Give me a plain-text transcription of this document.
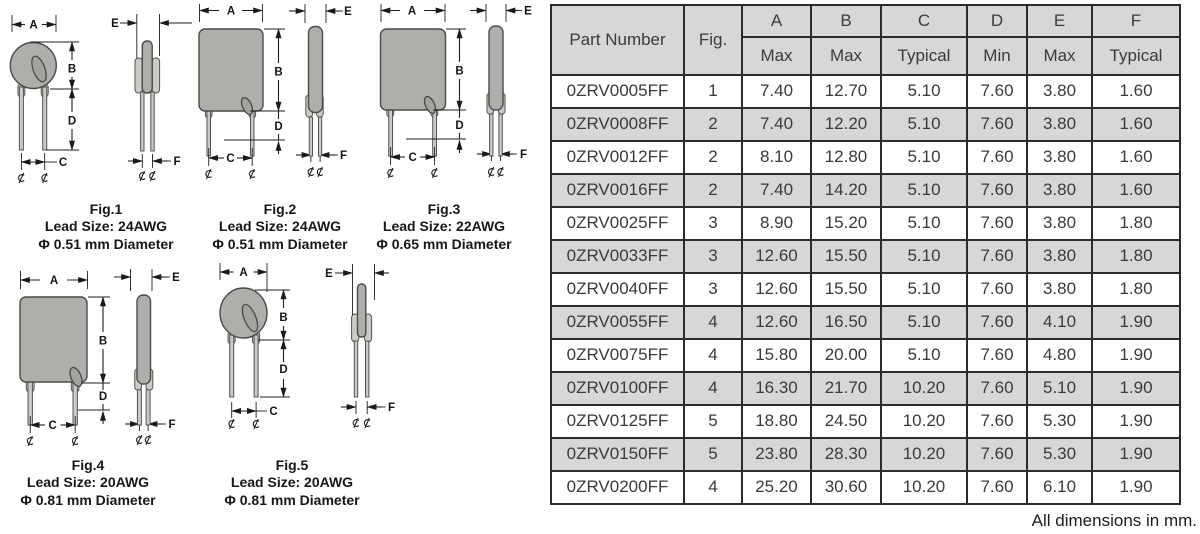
A
B
D
C
E
F
A
B
D
C
E
F
A
B
D
C
E
F
A
B
D
C
E
F
A
B
D
C
E
F
Fig.1
Lead Size: 24AWG
Φ 0.51 mm Diameter
Fig.2
Lead Size: 24AWG
Φ 0.51 mm Diameter
Fig.3
Lead Size: 22AWG
Φ 0.65 mm Diameter
Fig.4
Lead Size: 20AWG
Φ 0.81 mm Diameter
Fig.5
Lead Size: 20AWG
Φ 0.81 mm Diameter
Part Number	Fig.	A	B	C	D	E	F
		Max	Max	Typical	Min	Max	Typical
0ZRV0005FF	1	7.40	12.70	5.10	7.60	3.80	1.60
0ZRV0008FF	2	7.40	12.20	5.10	7.60	3.80	1.60
0ZRV0012FF	2	8.10	12.80	5.10	7.60	3.80	1.60
0ZRV0016FF	2	7.40	14.20	5.10	7.60	3.80	1.60
0ZRV0025FF	3	8.90	15.20	5.10	7.60	3.80	1.80
0ZRV0033FF	3	12.60	15.50	5.10	7.60	3.80	1.80
0ZRV0040FF	3	12.60	15.50	5.10	7.60	3.80	1.80
0ZRV0055FF	4	12.60	16.50	5.10	7.60	4.10	1.90
0ZRV0075FF	4	15.80	20.00	5.10	7.60	4.80	1.90
0ZRV0100FF	4	16.30	21.70	10.20	7.60	5.10	1.90
0ZRV0125FF	5	18.80	24.50	10.20	7.60	5.30	1.90
0ZRV0150FF	5	23.80	28.30	10.20	7.60	5.30	1.90
0ZRV0200FF	4	25.20	30.60	10.20	7.60	6.10	1.90
All dimensions in mm.
